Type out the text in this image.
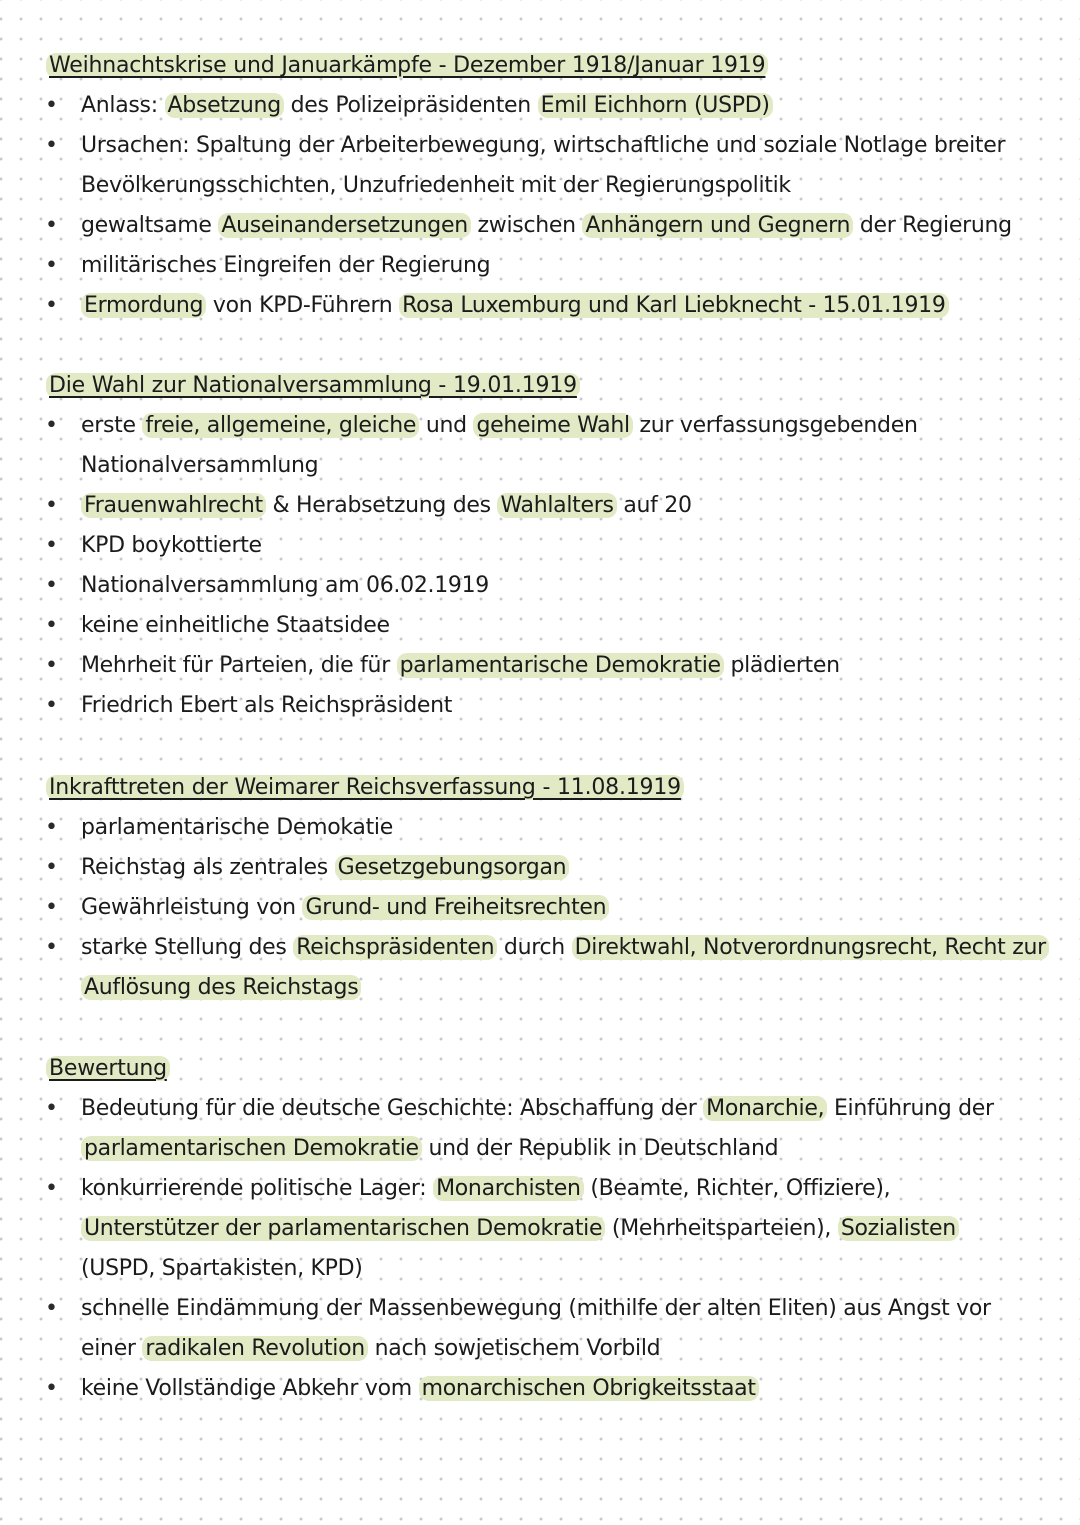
Weihnachtskrise und Januarkämpfe - Dezember 1918/Januar 1919
• Anlass: Absetzung des Polizeipräsidenten Emil Eichhorn (USPD)
• Ursachen: Spaltung der Arbeiterbewegung, wirtschaftliche und soziale Notlage breiter
Bevölkerungsschichten, Unzufriedenheit mit der Regierungspolitik
• gewaltsame Auseinandersetzungen zwischen Anhängern und Gegnern der Regierung
• militärisches Eingreifen der Regierung
• Ermordung von KPD-Führern Rosa Luxemburg und Karl Liebknecht - 15.01.1919
Die Wahl zur Nationalversammlung - 19.01.1919
• erste freie, allgemeine, gleiche und geheime Wahl zur verfassungsgebenden
Nationalversammlung
• Frauenwahlrecht & Herabsetzung des Wahlalters auf 20
• KPD boykottierte
• Nationalversammlung am 06.02.1919
• keine einheitliche Staatsidee
• Mehrheit für Parteien, die für parlamentarische Demokratie plädierten
• Friedrich Ebert als Reichspräsident
Inkrafttreten der Weimarer Reichsverfassung - 11.08.1919
• parlamentarische Demokatie
• Reichstag als zentrales Gesetzgebungsorgan
• Gewährleistung von Grund- und Freiheitsrechten
• starke Stellung des Reichspräsidenten durch Direktwahl, Notverordnungsrecht, Recht zur
Auflösung des Reichstags
Bewertung
• Bedeutung für die deutsche Geschichte: Abschaffung der Monarchie, Einführung der
parlamentarischen Demokratie und der Republik in Deutschland
• konkurrierende politische Lager: Monarchisten (Beamte, Richter, Offiziere),
Unterstützer der parlamentarischen Demokratie (Mehrheitsparteien), Sozialisten
(USPD, Spartakisten, KPD)
• schnelle Eindämmung der Massenbewegung (mithilfe der alten Eliten) aus Angst vor
einer radikalen Revolution nach sowjetischem Vorbild
• keine Vollständige Abkehr vom monarchischen Obrigkeitsstaat
